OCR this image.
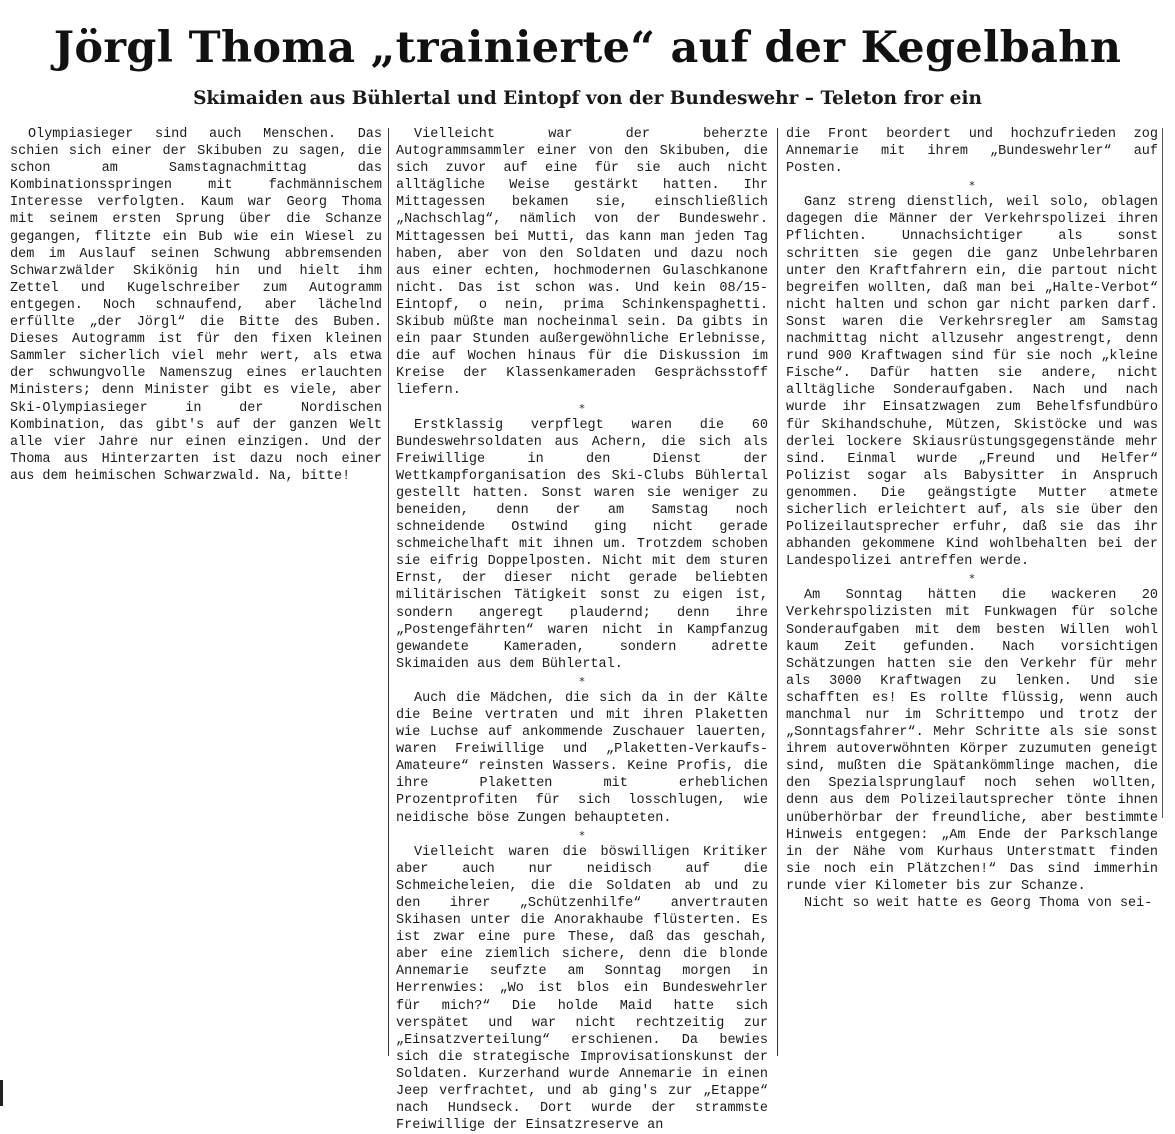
Jörgl Thoma „trainierte“ auf der Kegelbahn
Skimaiden aus Bühlertal und Eintopf von der Bundeswehr – Teleton fror ein

Olympiasieger sind auch Menschen. Das schien sich einer der Skibuben zu sagen, die schon am Samstagnachmittag das Kombinationsspringen mit fachmännischem Interesse verfolgten. Kaum war Georg Thoma mit seinem ersten Sprung über die Schanze gegangen, flitzte ein Bub wie ein Wiesel zu dem im Auslauf seinen Schwung abbremsenden Schwarzwälder Skikönig hin und hielt ihm Zettel und Kugelschreiber zum Autogramm entgegen. Noch schnaufend, aber lächelnd erfüllte „der Jörgl“ die Bitte des Buben. Dieses Autogramm ist für den fixen kleinen Sammler sicherlich viel mehr wert, als etwa der schwungvolle Namenszug eines erlauchten Ministers; denn Minister gibt es viele, aber Ski-Olympiasieger in der Nordischen Kombination, das gibt's auf der ganzen Welt alle vier Jahre nur einen einzigen. Und der Thoma aus Hinterzarten ist dazu noch einer aus dem heimischen Schwarzwald. Na, bitte!

Vielleicht war der beherzte Autogrammsammler einer von den Skibuben, die sich zuvor auf eine für sie auch nicht alltägliche Weise gestärkt hatten. Ihr Mittagessen bekamen sie, einschließlich „Nachschlag“, nämlich von der Bundeswehr. Mittagessen bei Mutti, das kann man jeden Tag haben, aber von den Soldaten und dazu noch aus einer echten, hochmodernen Gulaschkanone nicht. Das ist schon was. Und kein 08/15-Eintopf, o nein, prima Schinkenspaghetti. Skibub müßte man nocheinmal sein. Da gibts in ein paar Stunden außergewöhnliche Erlebnisse, die auf Wochen hinaus für die Diskussion im Kreise der Klassenkameraden Gesprächsstoff liefern.

*

Erstklassig verpflegt waren die 60 Bundeswehrsoldaten aus Achern, die sich als Freiwillige in den Dienst der Wettkampforganisation des Ski-Clubs Bühlertal gestellt hatten. Sonst waren sie weniger zu beneiden, denn der am Samstag noch schneidende Ostwind ging nicht gerade schmeichelhaft mit ihnen um. Trotzdem schoben sie eifrig Doppelposten. Nicht mit dem sturen Ernst, der dieser nicht gerade beliebten militärischen Tätigkeit sonst zu eigen ist, sondern angeregt plaudernd; denn ihre „Postengefährten“ waren nicht in Kampfanzug gewandete Kameraden, sondern adrette Skimaiden aus dem Bühlertal.

*

Auch die Mädchen, die sich da in der Kälte die Beine vertraten und mit ihren Plaketten wie Luchse auf ankommende Zuschauer lauerten, waren Freiwillige und „Plaketten-Verkaufs-Amateure“ reinsten Wassers. Keine Profis, die ihre Plaketten mit erheblichen Prozentprofiten für sich losschlugen, wie neidische böse Zungen behaupteten.

*

Vielleicht waren die böswilligen Kritiker aber auch nur neidisch auf die Schmeicheleien, die die Soldaten ab und zu den ihrer „Schützenhilfe“ anvertrauten Skihasen unter die Anorakhaube flüsterten. Es ist zwar eine pure These, daß das geschah, aber eine ziemlich sichere, denn die blonde Annemarie seufzte am Sonntag morgen in Herrenwies: „Wo ist blos ein Bundeswehrler für mich?“ Die holde Maid hatte sich verspätet und war nicht rechtzeitig zur „Einsatzverteilung“ erschienen. Da bewies sich die strategische Improvisationskunst der Soldaten. Kurzerhand wurde Annemarie in einen Jeep verfrachtet, und ab ging's zur „Etappe“ nach Hundseck. Dort wurde der strammste Freiwillige der Einsatzreserve an

die Front beordert und hochzufrieden zog Annemarie mit ihrem „Bundeswehrler“ auf Posten.

*

Ganz streng dienstlich, weil solo, oblagen dagegen die Männer der Verkehrspolizei ihren Pflichten. Unnachsichtiger als sonst schritten sie gegen die ganz Unbelehrbaren unter den Kraftfahrern ein, die partout nicht begreifen wollten, daß man bei „Halte-Verbot“ nicht halten und schon gar nicht parken darf. Sonst waren die Verkehrsregler am Samstag nachmittag nicht allzusehr angestrengt, denn rund 900 Kraftwagen sind für sie noch „kleine Fische“. Dafür hatten sie andere, nicht alltägliche Sonderaufgaben. Nach und nach wurde ihr Einsatzwagen zum Behelfsfundbüro für Skihandschuhe, Mützen, Skistöcke und was derlei lockere Skiausrüstungsgegenstände mehr sind. Einmal wurde „Freund und Helfer“ Polizist sogar als Babysitter in Anspruch genommen. Die geängstigte Mutter atmete sicherlich erleichtert auf, als sie über den Polizeilautsprecher erfuhr, daß sie das ihr abhanden gekommene Kind wohlbehalten bei der Landespolizei antreffen werde.

*

Am Sonntag hätten die wackeren 20 Verkehrspolizisten mit Funkwagen für solche Sonderaufgaben mit dem besten Willen wohl kaum Zeit gefunden. Nach vorsichtigen Schätzungen hatten sie den Verkehr für mehr als 3000 Kraftwagen zu lenken. Und sie schafften es! Es rollte flüssig, wenn auch manchmal nur im Schrittempo und trotz der „Sonntagsfahrer“. Mehr Schritte als sie sonst ihrem autoverwöhnten Körper zuzumuten geneigt sind, mußten die Spätankömmlinge machen, die den Spezialsprunglauf noch sehen wollten, denn aus dem Polizeilautsprecher tönte ihnen unüberhörbar der freundliche, aber bestimmte Hinweis entgegen: „Am Ende der Parkschlange in der Nähe vom Kurhaus Unterstmatt finden sie noch ein Plätzchen!“ Das sind immerhin runde vier Kilometer bis zur Schanze.

Nicht so weit hatte es Georg Thoma von sei-
